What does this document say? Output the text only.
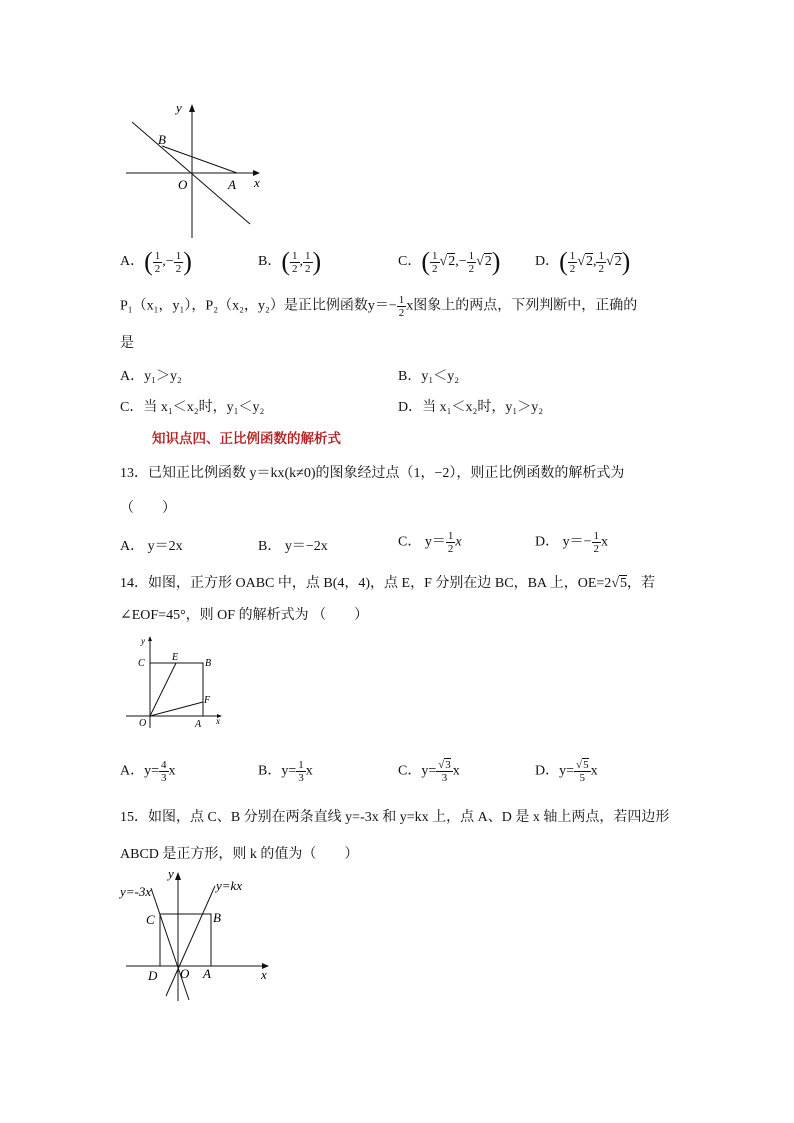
y
B
O	A x
A．( $\frac{1}{2}$ ,− $\frac{1}{2}$ )	B．( $\frac{1}{2}$ , $\frac{1}{2}$ )	C．( $\frac{1}{2} √2,- \frac{1}{2} √2$) D．( $\frac{1}{2} √2$, $\frac{1}{2} √2$)
P₁（x₁，y₁），P₂（x₂，y₂）是正比例函数$y=- \frac{1}{2}$ x图象上的两点，下列判断中，正确的
是
A．y₁＞y₂	B．y₁＜y₂
C．当 x₁＜x₂时，y₁＜y₂	D．当 x₁＜x₂时，y₁＞y₂
知识点四、正比例函数的解析式
13．已知正比例函数 y＝kx(k≠0)的图象经过点（1，−2），则正比例函数的解析式为
（　　）
A． y＝2x	B． y＝−2x	C． $y= \frac{1}{2}$ x	D． $y=- \frac{1}{2}$ x
14．如图，正方形 OABC 中，点 B(4，4)，点 E，F 分别在边 BC，BA 上，OE=2√5，若
∠EOF=45°，则 OF 的解析式为 （　　）
y
C
E
B
F
O	A x
A．$y= \frac{4}{3}$ x	B．$y= \frac{1}{3}$ x	C．$y= \frac{√3}{3}$ x	D．$y= \frac{√5}{5}$ x
15．如图，点 C、B 分别在两条直线 y=-3x 和 y=kx 上，点 A、D 是 x 轴上两点，若四边形
ABCD 是正方形，则 k 的值为（　　）
y=-3x	y=kx
y
C	B
D O A	x
